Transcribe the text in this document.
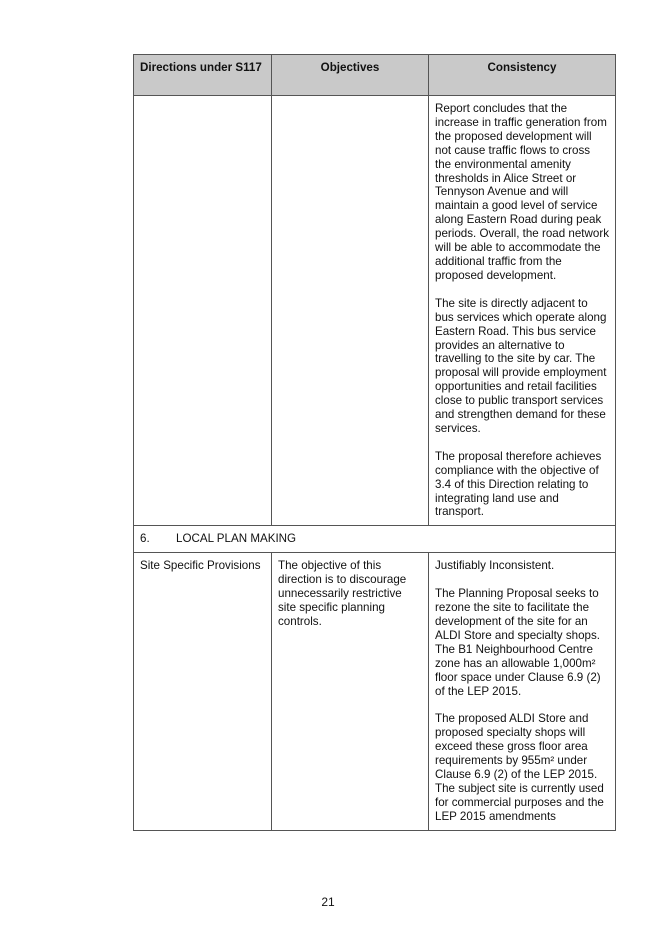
Directions under S117	Objectives	Consistency

		Report concludes that the increase in traffic generation from the proposed development will not cause traffic flows to cross the environmental amenity thresholds in Alice Street or Tennyson Avenue and will maintain a good level of service along Eastern Road during peak periods. Overall, the road network will be able to accommodate the additional traffic from the proposed development.

The site is directly adjacent to bus services which operate along Eastern Road. This bus service provides an alternative to travelling to the site by car. The proposal will provide employment opportunities and retail facilities close to public transport services and strengthen demand for these services.

The proposal therefore achieves compliance with the objective of 3.4 of this Direction relating to integrating land use and transport.

6. LOCAL PLAN MAKING		
Site Specific Provisions	The objective of this direction is to discourage unnecessarily restrictive site specific planning controls.	Justifiably Inconsistent.

The Planning Proposal seeks to rezone the site to facilitate the development of the site for an ALDI Store and specialty shops. The B1 Neighbourhood Centre zone has an allowable 1,000m² floor space under Clause 6.9 (2) of the LEP 2015.

The proposed ALDI Store and proposed specialty shops will exceed these gross floor area requirements by 955m² under Clause 6.9 (2) of the LEP 2015. The subject site is currently used for commercial purposes and the LEP 2015 amendments

21
